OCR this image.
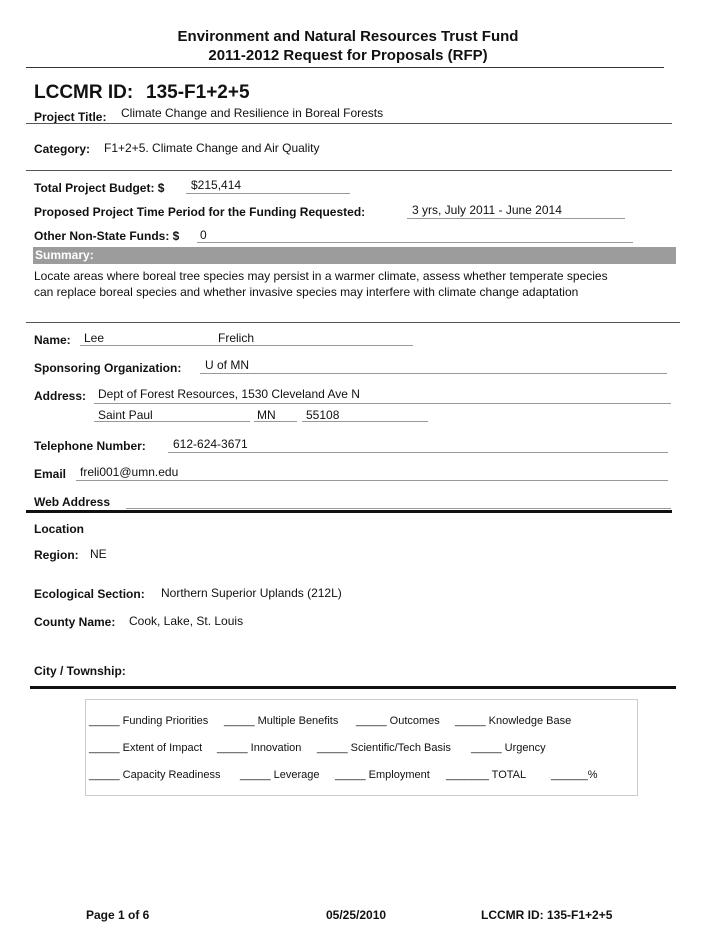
Environment and Natural Resources Trust Fund
2011-2012 Request for Proposals (RFP)
LCCMR ID: 135-F1+2+5
Project Title: Climate Change and Resilience in Boreal Forests
Category: F1+2+5. Climate Change and Air Quality
Total Project Budget: $ $215,414
Proposed Project Time Period for the Funding Requested:	3 yrs, July 2011 - June 2014
Other Non-State Funds: $ 0
Summary:
Locate areas where boreal tree species may persist in a warmer climate, assess whether temperate species
can replace boreal species and whether invasive species may interfere with climate change adaptation
Name: Lee	Frelich
Sponsoring Organization: U of MN
Address: Dept of Forest Resources, 1530 Cleveland Ave N
Saint Paul	MN	55108
Telephone Number: 612-624-3671
Email freli001@umn.edu
Web Address
Location
Region: NE
Ecological Section: Northern Superior Uplands (212L)
County Name: Cook, Lake, St. Louis
City / Township:
_____ Funding Priorities _____ Multiple Benefits _____ Outcomes _____ Knowledge Base
_____ Extent of Impact _____ Innovation _____ Scientific/Tech Basis _____ Urgency
_____ Capacity Readiness _____ Leverage _____ Employment _______ TOTAL ______%
Page 1 of 6	05/25/2010	LCCMR ID: 135-F1+2+5
